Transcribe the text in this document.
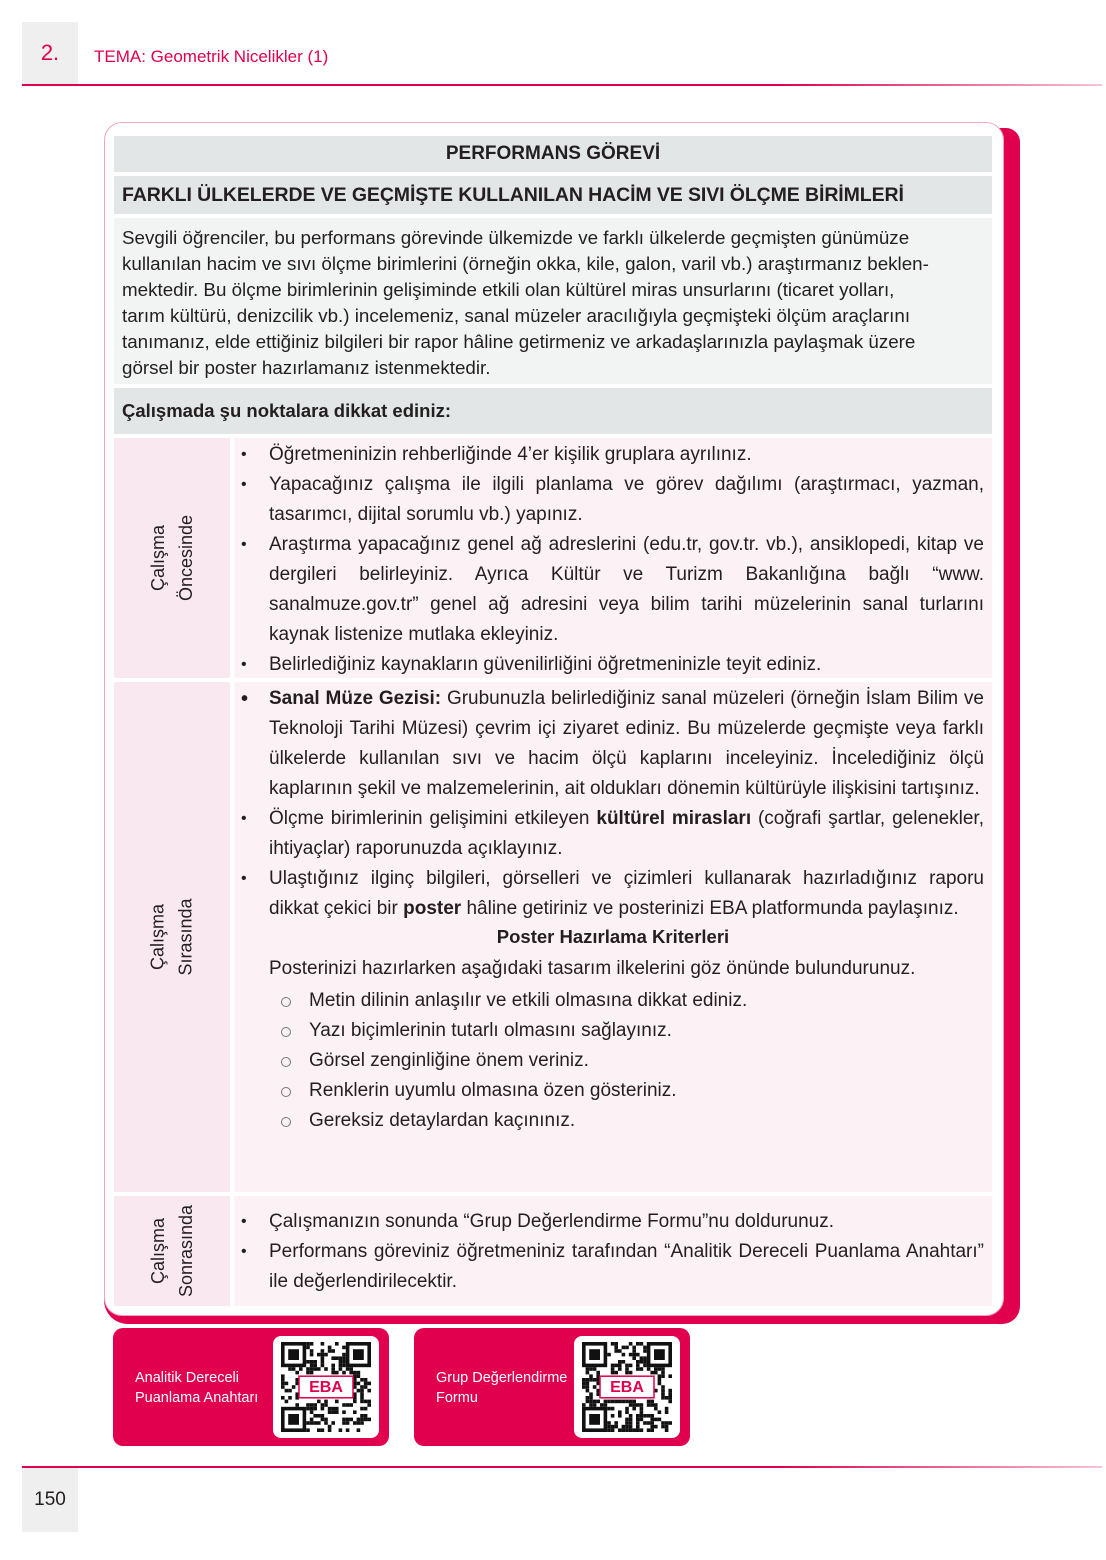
2. TEMA: Geometrik Nicelikler (1)
PERFORMANS GÖREVİ
FARKLI ÜLKELERDE VE GEÇMİŞTE KULLANILAN HACİM VE SIVI ÖLÇME BİRİMLERİ
Sevgili öğrenciler, bu performans görevinde ülkemizde ve farklı ülkelerde geçmişten günümüze
kullanılan hacim ve sıvı ölçme birimlerini (örneğin okka, kile, galon, varil vb.) araştırmanız beklen-
mektedir. Bu ölçme birimlerinin gelişiminde etkili olan kültürel miras unsurlarını (ticaret yolları,
tarım kültürü, denizcilik vb.) incelemeniz, sanal müzeler aracılığıyla geçmişteki ölçüm araçlarını
tanımanız, elde ettiğiniz bilgileri bir rapor hâline getirmeniz ve arkadaşlarınızla paylaşmak üzere
görsel bir poster hazırlamanız istenmektedir.
Çalışmada şu noktalara dikkat ediniz:
Çalışma Öncesinde
• Öğretmeninizin rehberliğinde 4’er kişilik gruplara ayrılınız.
• Yapacağınız çalışma ile ilgili planlama ve görev dağılımı (araştırmacı, yazman, tasarımcı, dijital sorumlu vb.) yapınız.
• Araştırma yapacağınız genel ağ adreslerini (edu.tr, gov.tr. vb.), ansiklopedi, kitap ve dergileri belirleyiniz. Ayrıca Kültür ve Turizm Bakanlığına bağlı “www. sanalmuze.gov.tr” genel ağ adresini veya bilim tarihi müzelerinin sanal turlarını kaynak listenize mutlaka ekleyiniz.
• Belirlediğiniz kaynakların güvenilirliğini öğretmeninizle teyit ediniz.
Çalışma Sırasında
• Sanal Müze Gezisi: Grubunuzla belirlediğiniz sanal müzeleri (örneğin İslam Bilim ve Teknoloji Tarihi Müzesi) çevrim içi ziyaret ediniz. Bu müzelerde geçmişte veya farklı ülkelerde kullanılan sıvı ve hacim ölçü kaplarını inceleyiniz. İncelediğiniz ölçü kaplarının şekil ve malzemelerinin, ait oldukları dönemin kültürüyle ilişkisini tartışınız.
• Ölçme birimlerinin gelişimini etkileyen kültürel mirasları (coğrafi şartlar, gelenekler, ihtiyaçlar) raporunuzda açıklayınız.
• Ulaştığınız ilginç bilgileri, görselleri ve çizimleri kullanarak hazırladığınız raporu dikkat çekici bir poster hâline getiriniz ve posterinizi EBA platformunda paylaşınız.
Poster Hazırlama Kriterleri
Posterinizi hazırlarken aşağıdaki tasarım ilkelerini göz önünde bulundurunuz.
Metin dilinin anlaşılır ve etkili olmasına dikkat ediniz.
Yazı biçimlerinin tutarlı olmasını sağlayınız.
Görsel zenginliğine önem veriniz.
Renklerin uyumlu olmasına özen gösteriniz.
Gereksiz detaylardan kaçınınız.
Çalışma Sonrasında
•	Çalışmanızın sonunda “Grup Değerlendirme Formu”nu doldurunuz.
• Performans göreviniz öğretmeniniz tarafından “Analitik Dereceli Puanlama Anahtarı” ile değerlendirilecektir.
Analitik Dereceli
Puanlama Anahtarı
EBA
Grup Değerlendirme
Formu
EBA
150
